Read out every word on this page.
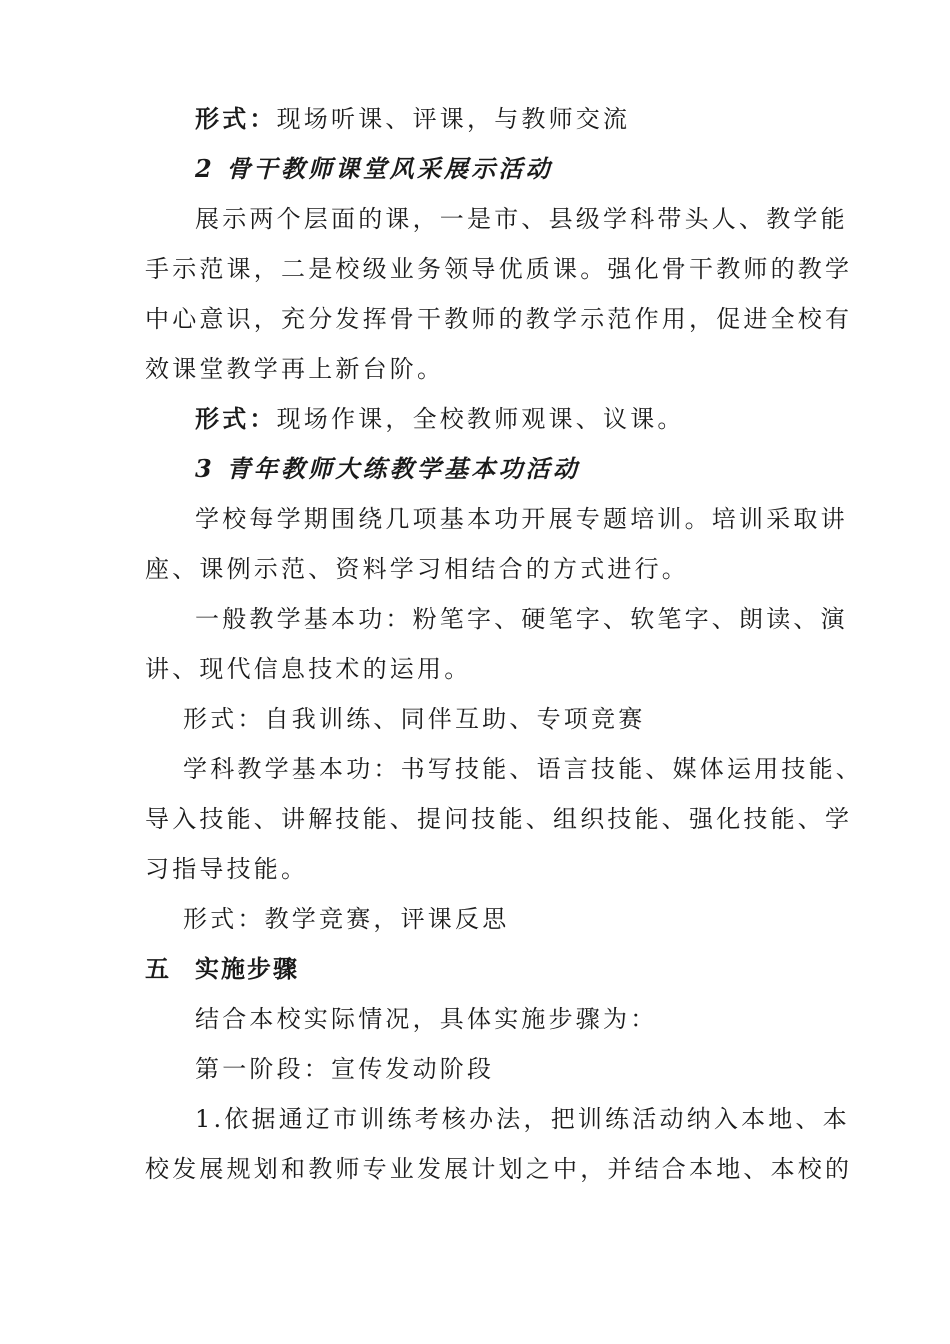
形式：现场听课、评课，与教师交流
2 骨干教师课堂风采展示活动
展示两个层面的课，一是市、县级学科带头人、教学能
手示范课，二是校级业务领导优质课。强化骨干教师的教学
中心意识，充分发挥骨干教师的教学示范作用，促进全校有
效课堂教学再上新台阶。
形式：现场作课，全校教师观课、议课。
3 青年教师大练教学基本功活动
学校每学期围绕几项基本功开展专题培训。培训采取讲
座、课例示范、资料学习相结合的方式进行。
一般教学基本功：粉笔字、硬笔字、软笔字、朗读、演
讲、现代信息技术的运用。
形式：自我训练、同伴互助、专项竞赛
学科教学基本功：书写技能、语言技能、媒体运用技能、
导入技能、讲解技能、提问技能、组织技能、强化技能、学
习指导技能。
形式：教学竞赛，评课反思
五 实施步骤
结合本校实际情况，具体实施步骤为：
第一阶段：宣传发动阶段
1.依据通辽市训练考核办法，把训练活动纳入本地、本
校发展规划和教师专业发展计划之中，并结合本地、本校的
